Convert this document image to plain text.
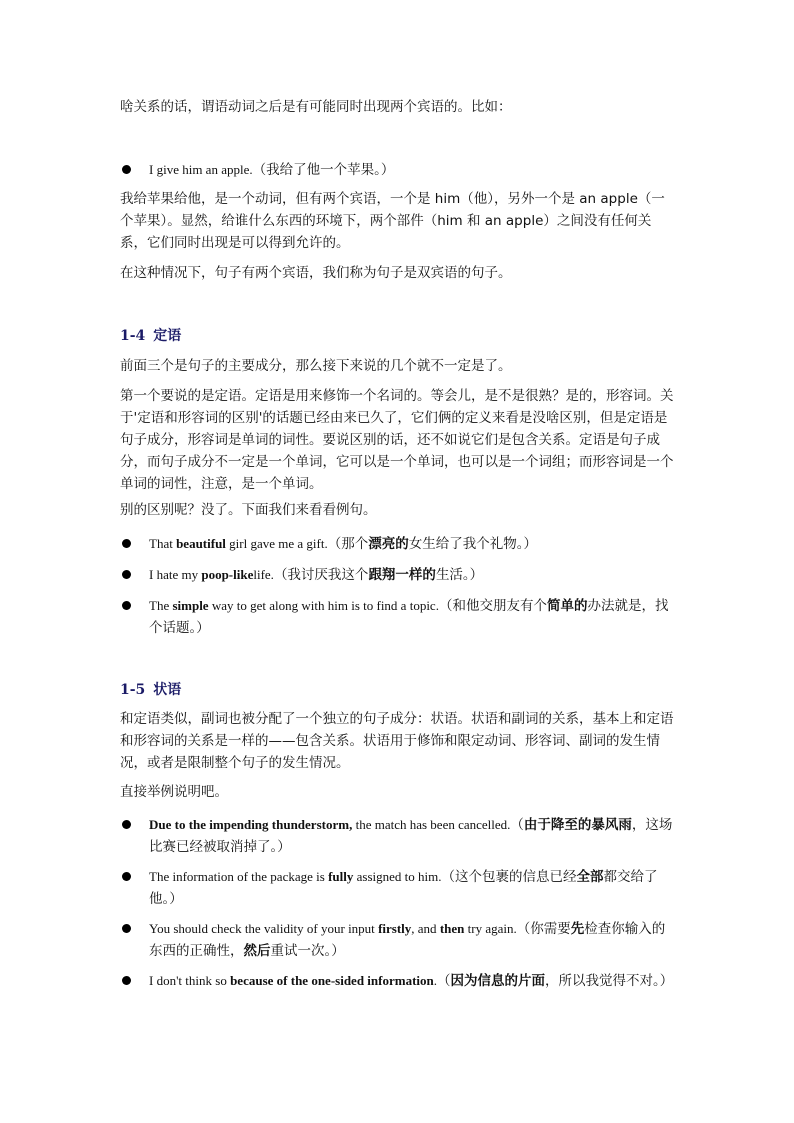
啥关系的话，谓语动词之后是有可能同时出现两个宾语的。比如：

I give him an apple.（我给了他一个苹果。）

我给苹果给他，是一个动词，但有两个宾语，一个是 him（他），另外一个是 an apple（一个苹果）。显然，给谁什么东西的环境下，两个部件（him 和 an apple）之间没有任何关系，它们同时出现是可以得到允许的。

在这种情况下，句子有两个宾语，我们称为句子是双宾语的句子。

1-4 定语

前面三个是句子的主要成分，那么接下来说的几个就不一定是了。

第一个要说的是定语。定语是用来修饰一个名词的。等会儿，是不是很熟？是的，形容词。关于'定语和形容词的区别'的话题已经由来已久了，它们俩的定义来看是没啥区别，但是定语是句子成分，形容词是单词的词性。要说区别的话，还不如说它们是包含关系。定语是句子成分，而句子成分不一定是一个单词，它可以是一个单词，也可以是一个词组；而形容词是一个单词的词性，注意，是一个单词。

别的区别呢？没了。下面我们来看看例句。

That beautiful girl gave me a gift.（那个漂亮的女生给了我个礼物。）
I hate my poop-likelife.（我讨厌我这个跟翔一样的生活。）
The simple way to get along with him is to find a topic.（和他交朋友有个简单的办法就是，找个话题。）
1-5 状语

和定语类似，副词也被分配了一个独立的句子成分：状语。状语和副词的关系，基本上和定语和形容词的关系是一样的——包含关系。状语用于修饰和限定动词、形容词、副词的发生情况，或者是限制整个句子的发生情况。

直接举例说明吧。

Due to the impending thunderstorm, the match has been cancelled.（由于降至的暴风雨，这场比赛已经被取消掉了。）
The information of the package is fully assigned to him.（这个包裹的信息已经全部都交给了他。）
You should check the validity of your input firstly, and then try again.（你需要先检查你输入的东西的正确性，然后重试一次。）
I don't think so because of the one-sided information.（因为信息的片面，所以我觉得不对。）
